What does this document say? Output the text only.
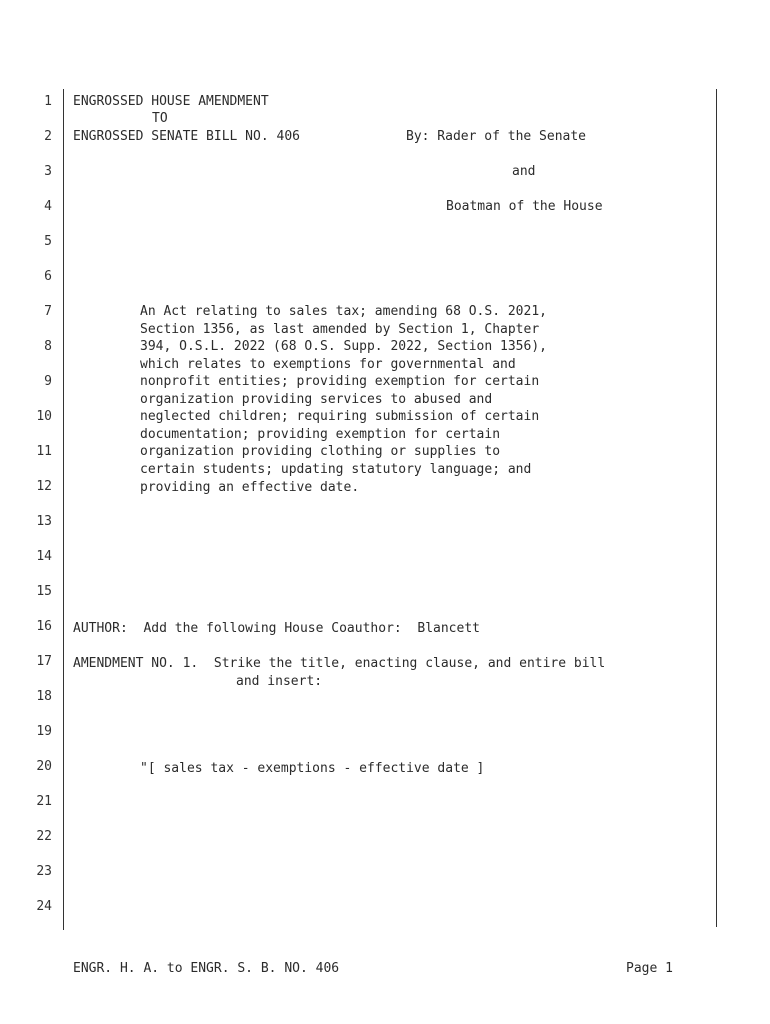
1
2
3
4
5
6
7
8
9
10
11
12
13
14
15
16
17
18
19
20
21
22
23
24
ENGROSSED HOUSE AMENDMENT
TO
ENGROSSED SENATE BILL NO. 406	By: Rader of the Senate
and
Boatman of the House
An Act relating to sales tax; amending 68 O.S. 2021,
Section 1356, as last amended by Section 1, Chapter
394, O.S.L. 2022 (68 O.S. Supp. 2022, Section 1356),
which relates to exemptions for governmental and
nonprofit entities; providing exemption for certain
organization providing services to abused and
neglected children; requiring submission of certain
documentation; providing exemption for certain
organization providing clothing or supplies to
certain students; updating statutory language; and
providing an effective date.
AUTHOR:  Add the following House Coauthor:  Blancett
AMENDMENT NO. 1.  Strike the title, enacting clause, and entire bill
and insert:
"[ sales tax - exemptions - effective date ]
ENGR. H. A. to ENGR. S. B. NO. 406	Page 1
